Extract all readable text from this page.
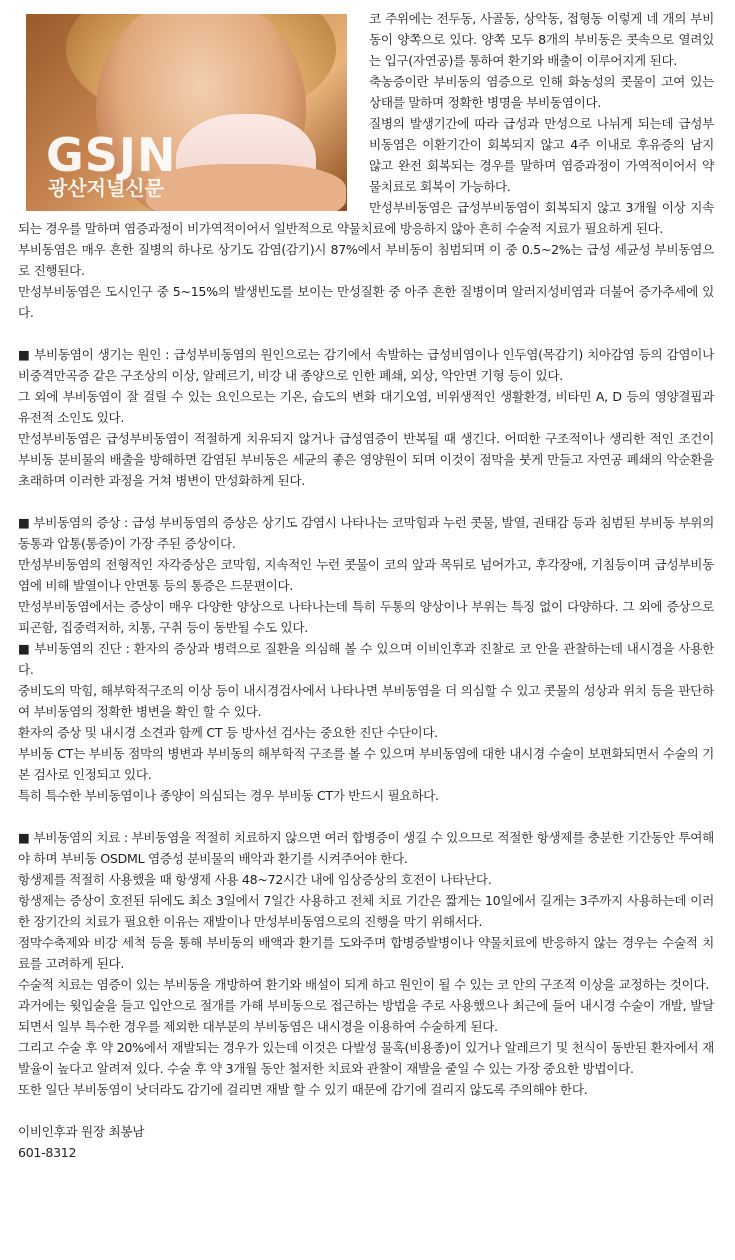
GSJN
광산저널신문

코 주위에는 전두동, 사골동, 상악동, 접형동 이렇게 네 개의 부비동이 양쪽으로 있다. 양쪽 모두 8개의 부비동은 콧속으로 열려있는 입구(자연공)를 통하여 환기와 배출이 이루어지게 된다.

축농증이란 부비동의 염증으로 인해 화농성의 콧물이 고여 있는 상태를 말하며 정확한 병명을 부비동염이다.

질병의 발생기간에 따라 급성과 만성으로 나뉘게 되는데 급성부비동염은 이환기간이 회복되지 않고 4주 이내로 후유증의 남지 않고 완전 회복되는 경우를 말하며 염증과정이 가역적이어서 약물치료로 회복이 가능하다.

만성부비동염은 급성부비동염이 회복되지 않고 3개월 이상 지속되는 경우를 말하며 염증과정이 비가역적이어서 일반적으로 약물치료에 방응하지 않아 흔히 수술적 지료가 필요하게 된다.

부비동염은 매우 흔한 질병의 하나로 상기도 감염(감기)시 87%에서 부비동이 침범되며 이 중 0.5~2%는 급성 세균성 부비동염으로 진행된다.

만성부비동염은 도시인구 중 5~15%의 발생빈도를 보이는 만성질환 중 아주 흔한 질병이며 알러지성비염과 더불어 증가추세에 있다.

■ 부비동염이 생기는 원인 : 급성부비동염의 원인으로는 감기에서 속발하는 급성비염이나 인두염(목감기) 치아감염 등의 감염이나 비중격만곡증 같은 구조상의 이상, 알레르기, 비강 내 종양으로 인한 폐쇄, 외상, 악안면 기형 등이 있다.

그 외에 부비동염이 잘 걸릴 수 있는 요인으로는 기온, 습도의 변화 대기오염, 비위생적인 생활환경, 비타민 A, D 등의 영양결핍과 유전적 소인도 있다.

만성부비동염은 급성부비동염이 적절하게 치유되지 않거나 급성염증이 반복될 때 생긴다. 어떠한 구조적이나 생리한 적인 조건이 부비동 분비물의 배출을 방해하면 감염된 부비동은 세균의 좋은 영양원이 되며 이것이 점막을 붓게 만들고 자연공 폐쇄의 악순환을 초래하며 이러한 과정을 거쳐 병변이 만성화하게 된다.

■ 부비동염의 증상 : 급성 부비동염의 증상은 상기도 감염시 나타나는 코막힘과 누런 콧물, 발열, 권태감 등과 침범된 부비동 부위의 동통과 압통(통증)이 가장 주된 증상이다.

만성부비동염의 전형적인 자각증상은 코막힘, 지속적인 누런 콧물이 코의 앞과 목뒤로 넘어가고, 후각장애, 기침등이며 급성부비동염에 비해 발열이나 안면통 등의 통증은 드문편이다.

만성부비동염에서는 증상이 매우 다양한 양상으로 나타나는데 특히 두통의 양상이나 부위는 특징 없이 다양하다. 그 외에 증상으로 피곤함, 집중력저하, 치통, 구취 등이 동반될 수도 있다.

■ 부비동염의 진단 : 환자의 증상과 병력으로 질환을 의심해 볼 수 있으며 이비인후과 진찰로 코 안을 관찰하는데 내시경을 사용한다.

중비도의 막힘, 해부학적구조의 이상 등이 내시경검사에서 나타나면 부비동염을 더 의심할 수 있고 콧물의 성상과 위치 등을 판단하여 부비동염의 정확한 병변을 확인 할 수 있다.

환자의 증상 및 내시경 소견과 함께 CT 등 방사선 검사는 중요한 진단 수단이다.

부비동 CT는 부비동 점막의 병변과 부비동의 해부학적 구조를 볼 수 있으며 부비동염에 대한 내시경 수술이 보편화되면서 수술의 기본 검사로 인정되고 있다.

특히 특수한 부비동염이나 종양이 의심되는 경우 부비동 CT가 반드시 필요하다.

■ 부비동염의 치료 : 부비동염을 적절히 치료하지 않으면 여러 합병증이 생길 수 있으므로 적절한 항생제를 충분한 기간동안 투여해야 하며 부비동 OSDML 염증성 분비물의 배악과 환기를 시켜주어야 한다.

항생제를 적절히 사용했을 때 항생제 사용 48~72시간 내에 임상증상의 호전이 나타난다.

항생제는 증상이 호전된 뒤에도 최소 3일에서 7일간 사용하고 전체 치료 기간은 짧게는 10일에서 길게는 3주까지 사용하는데 이러한 장기간의 치료가 필요한 이유는 재발이나 만성부비동염으로의 진행을 막기 위해서다.

점막수축제와 비강 세척 등을 통해 부비동의 배액과 환기를 도와주며 합병증발병이나 약물치료에 반응하지 않는 경우는 수술적 치료를 고려하게 된다.

수술적 치료는 염증이 있는 부비동을 개방하여 환기와 배설이 되게 하고 원인이 될 수 있는 코 안의 구조적 이상을 교정하는 것이다.

과거에는 윗입술을 들고 입안으로 절개를 가해 부비동으로 접근하는 방법을 주로 사용했으나 최근에 들어 내시경 수술이 개발, 발달되면서 일부 특수한 경우를 제외한 대부분의 부비동염은 내시경을 이용하여 수술하게 된다.

그리고 수술 후 약 20%에서 재발되는 경우가 있는데 이것은 다발성 물혹(비용종)이 있거나 알레르기 및 천식이 동반된 환자에서 재발율이 높다고 알려져 있다. 수술 후 약 3개월 동안 철저한 치료와 관찰이 재발을 줄일 수 있는 가장 중요한 방법이다.

또한 일단 부비동염이 낫더라도 감기에 걸리면 재발 할 수 있기 때문에 감기에 걸리지 않도록 주의해야 한다.

이비인후과 원장 최봉남

601-8312
